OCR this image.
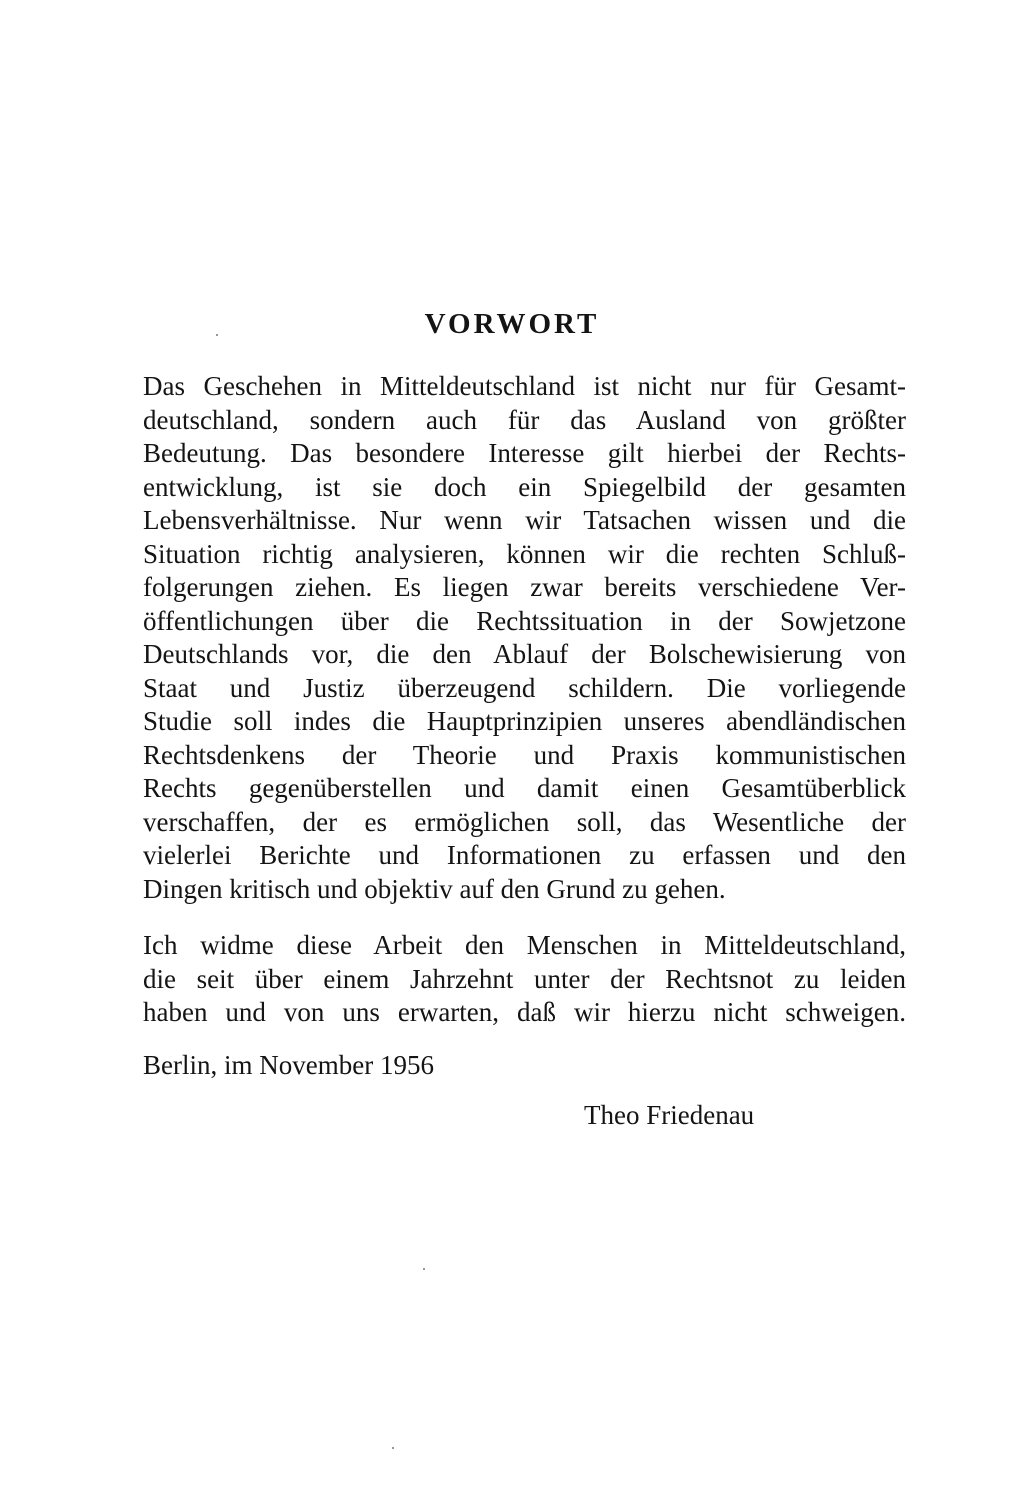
VORWORT
Das Geschehen in Mitteldeutschland ist nicht nur für Gesamt-
deutschland, sondern auch für das Ausland von größter
Bedeutung. Das besondere Interesse gilt hierbei der Rechts-
entwicklung, ist sie doch ein Spiegelbild der gesamten
Lebensverhältnisse. Nur wenn wir Tatsachen wissen und die
Situation richtig analysieren, können wir die rechten Schluß-
folgerungen ziehen. Es liegen zwar bereits verschiedene Ver-
öffentlichungen über die Rechtssituation in der Sowjetzone
Deutschlands vor, die den Ablauf der Bolschewisierung von
Staat und Justiz überzeugend schildern. Die vorliegende
Studie soll indes die Hauptprinzipien unseres abendländischen
Rechtsdenkens der Theorie und Praxis kommunistischen
Rechts gegenüberstellen und damit einen Gesamtüberblick
verschaffen, der es ermöglichen soll, das Wesentliche der
vielerlei Berichte und Informationen zu erfassen und den
Dingen kritisch und objektiv auf den Grund zu gehen.
Ich widme diese Arbeit den Menschen in Mitteldeutschland,
die seit über einem Jahrzehnt unter der Rechtsnot zu leiden
haben und von uns erwarten, daß wir hierzu nicht schweigen.

Berlin, im November 1956

Theo Friedenau
